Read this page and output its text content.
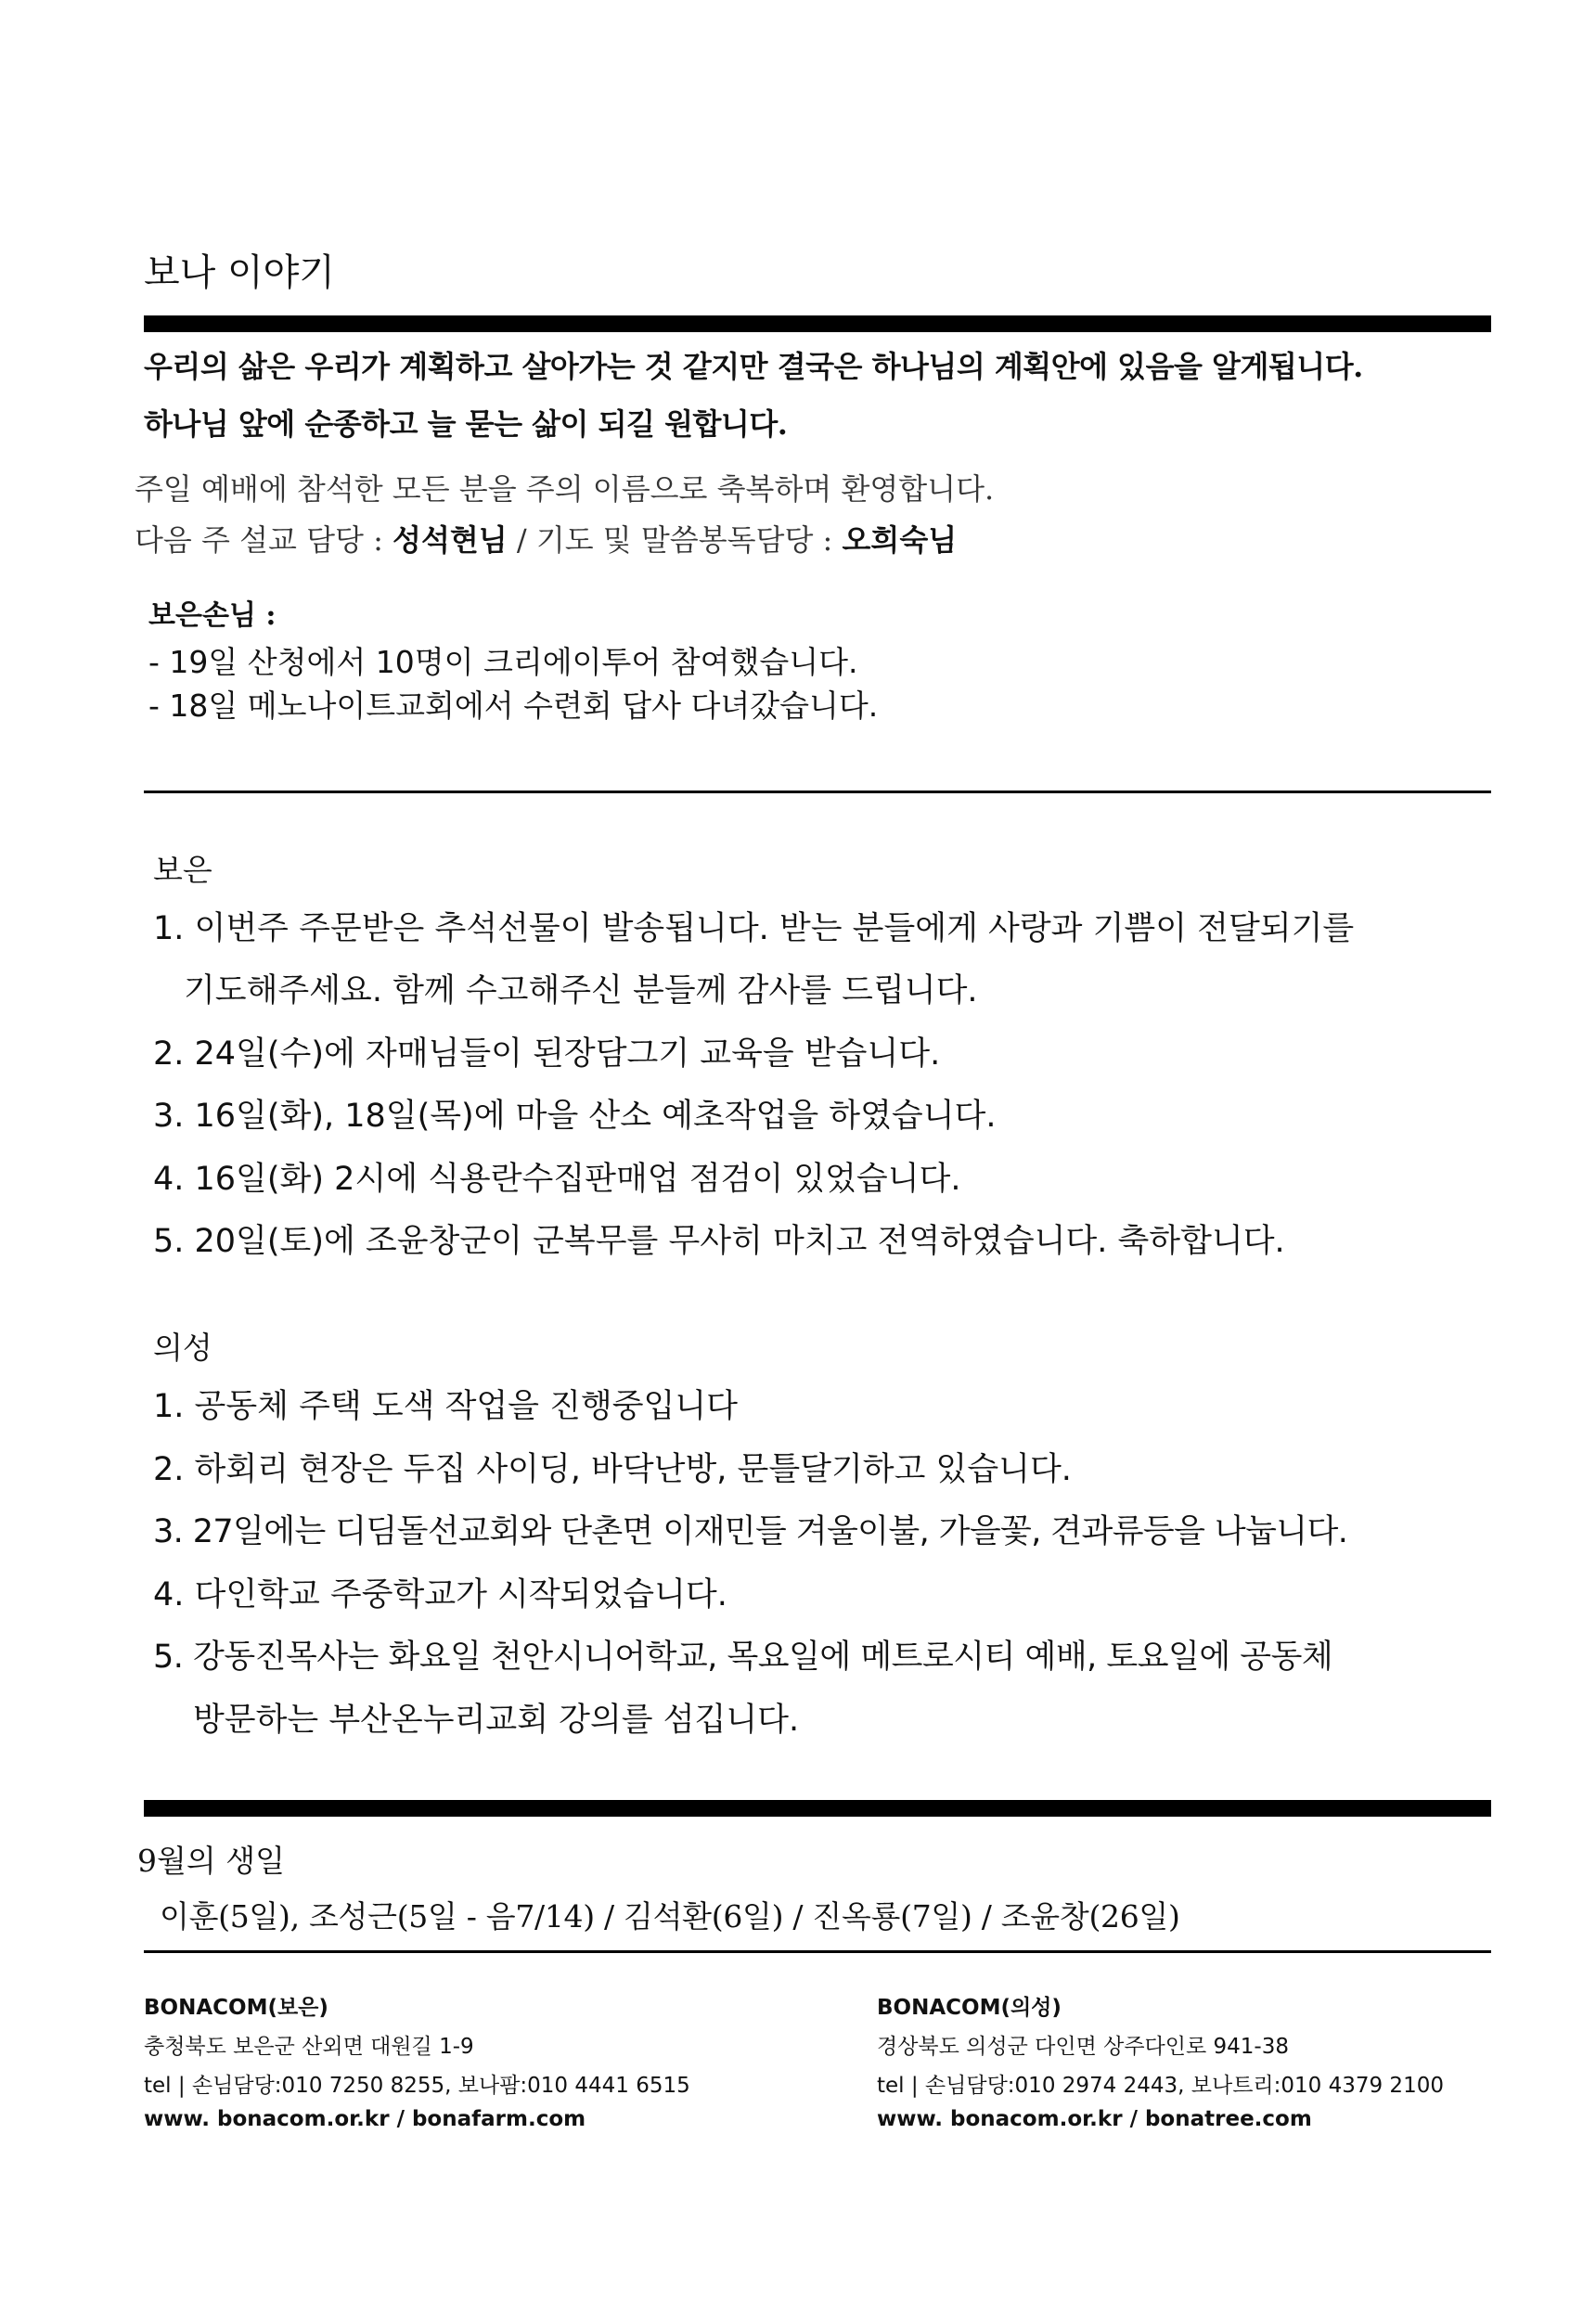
보나 이야기
우리의 삶은 우리가 계획하고 살아가는 것 같지만 결국은 하나님의 계획안에 있음을 알게됩니다.
하나님 앞에 순종하고 늘 묻는 삶이 되길 원합니다.
주일 예배에 참석한 모든 분을 주의 이름으로 축복하며 환영합니다.
다음 주 설교 담당 : 성석현님 / 기도 및 말씀봉독담당 : 오희숙님
보은손님 :
- 19일 산청에서 10명이 크리에이투어 참여했습니다.
- 18일 메노나이트교회에서 수련회 답사 다녀갔습니다.
보은
1. 이번주 주문받은 추석선물이 발송됩니다. 받는 분들에게 사랑과 기쁨이 전달되기를
기도해주세요. 함께 수고해주신 분들께 감사를 드립니다.
2. 24일(수)에 자매님들이 된장담그기 교육을 받습니다.
3. 16일(화), 18일(목)에 마을 산소 예초작업을 하였습니다.
4. 16일(화) 2시에 식용란수집판매업 점검이 있었습니다.
5. 20일(토)에 조윤창군이 군복무를 무사히 마치고 전역하였습니다. 축하합니다.
의성
1. 공동체 주택 도색 작업을 진행중입니다
2. 하회리 현장은 두집 사이딩, 바닥난방, 문틀달기하고 있습니다.
3. 27일에는 디딤돌선교회와 단촌면 이재민들 겨울이불, 가을꽃, 견과류등을 나눕니다.
4. 다인학교 주중학교가 시작되었습니다.
5. 강동진목사는 화요일 천안시니어학교, 목요일에 메트로시티 예배, 토요일에 공동체
방문하는 부산온누리교회 강의를 섬깁니다.
9월의 생일
이훈(5일), 조성근(5일 - 음7/14) / 김석환(6일) / 진옥룡(7일) / 조윤창(26일)
BONACOM(보은)
충청북도 보은군 산외면 대원길 1-9
tel | 손님담당:010 7250 8255, 보나팜:010 4441 6515
www. bonacom.or.kr / bonafarm.com
BONACOM(의성)
경상북도 의성군 다인면 상주다인로 941-38
tel | 손님담당:010 2974 2443, 보나트리:010 4379 2100
www. bonacom.or.kr / bonatree.com
